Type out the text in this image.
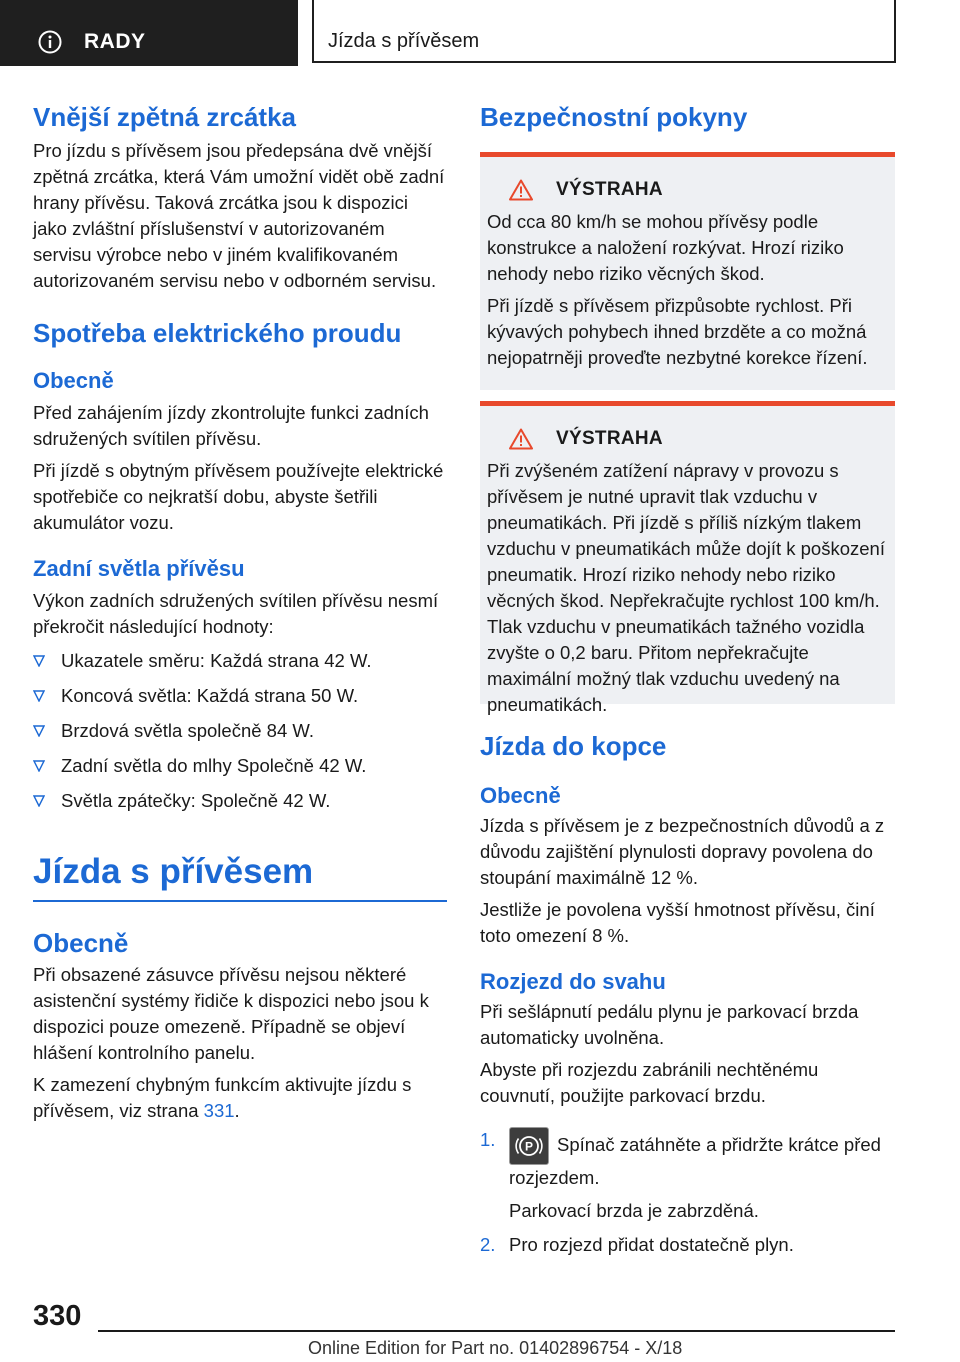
RADY	Jízda s přívěsem
Vnější zpětná zrcátka

Pro jízdu s přívěsem jsou předepsána dvě vnější zpětná zrcátka, která Vám umožní vidět obě zadní hrany přívěsu. Taková zrcátka jsou k dispozici jako zvláštní příslušenství v autorizovaném servisu výrobce nebo v jiném kvalifikovaném autorizovaném servisu nebo v odborném servisu.

Spotřeba elektrického proudu
Obecně

Před zahájením jízdy zkontrolujte funkci zadních sdružených svítilen přívěsu.

Při jízdě s obytným přívěsem používejte elektrické spotřebiče co nejkratší dobu, abyste šetřili akumulátor vozu.

Zadní světla přívěsu

Výkon zadních sdružených svítilen přívěsu nesmí překročit následující hodnoty:

Ukazatele směru: Každá strana 42 W.
Koncová světla: Každá strana 50 W.
Brzdová světla společně 84 W.
Zadní světla do mlhy Společně 42 W.
Světla zpátečky: Společně 42 W.
Jízda s přívěsem
Obecně

Při obsazené zásuvce přívěsu nejsou některé asistenční systémy řidiče k dispozici nebo jsou k dispozici pouze omezeně. Případně se objeví hlášení kontrolního panelu.

K zamezení chybným funkcím aktivujte jízdu s přívěsem, viz strana 331.

Bezpečnostní pokyny
VÝSTRAHA

Od cca 80 km/h se mohou přívěsy podle konstrukce a naložení rozkývat. Hrozí riziko nehody nebo riziko věcných škod.

Při jízdě s přívěsem přizpůsobte rychlost. Při kývavých pohybech ihned brzděte a co možná nejopatrněji proveďte nezbytné korekce řízení.

VÝSTRAHA

Při zvýšeném zatížení nápravy v provozu s přívěsem je nutné upravit tlak vzduchu v pneumatikách. Při jízdě s příliš nízkým tlakem vzduchu v pneumatikách může dojít k poškození pneumatik. Hrozí riziko nehody nebo riziko věcných škod. Nepřekračujte rychlost 100 km/h. Tlak vzduchu v pneumatikách tažného vozidla zvyšte o 0,2 baru. Přitom nepřekračujte maximální možný tlak vzduchu uvedený na pneumatikách.

Jízda do kopce
Obecně

Jízda s přívěsem je z bezpečnostních důvodů a z důvodu zajištění plynulosti dopravy povolena do stoupání maximálně 12 %.

Jestliže je povolena vyšší hmotnost přívěsu, činí toto omezení 8 %.

Rozjezd do svahu

Při sešlápnutí pedálu plynu je parkovací brzda automaticky uvolněna.

Abyste při rozjezdu zabránili nechtěnému couvnutí, použijte parkovací brzdu.

1. P Spínač zatáhněte a přidržte krátce před rozjezdem.

Parkovací brzda je zabrzděná.

2. Pro rozjezd přidat dostatečně plyn.
330
Online Edition for Part no. 01402896754 - X/18
